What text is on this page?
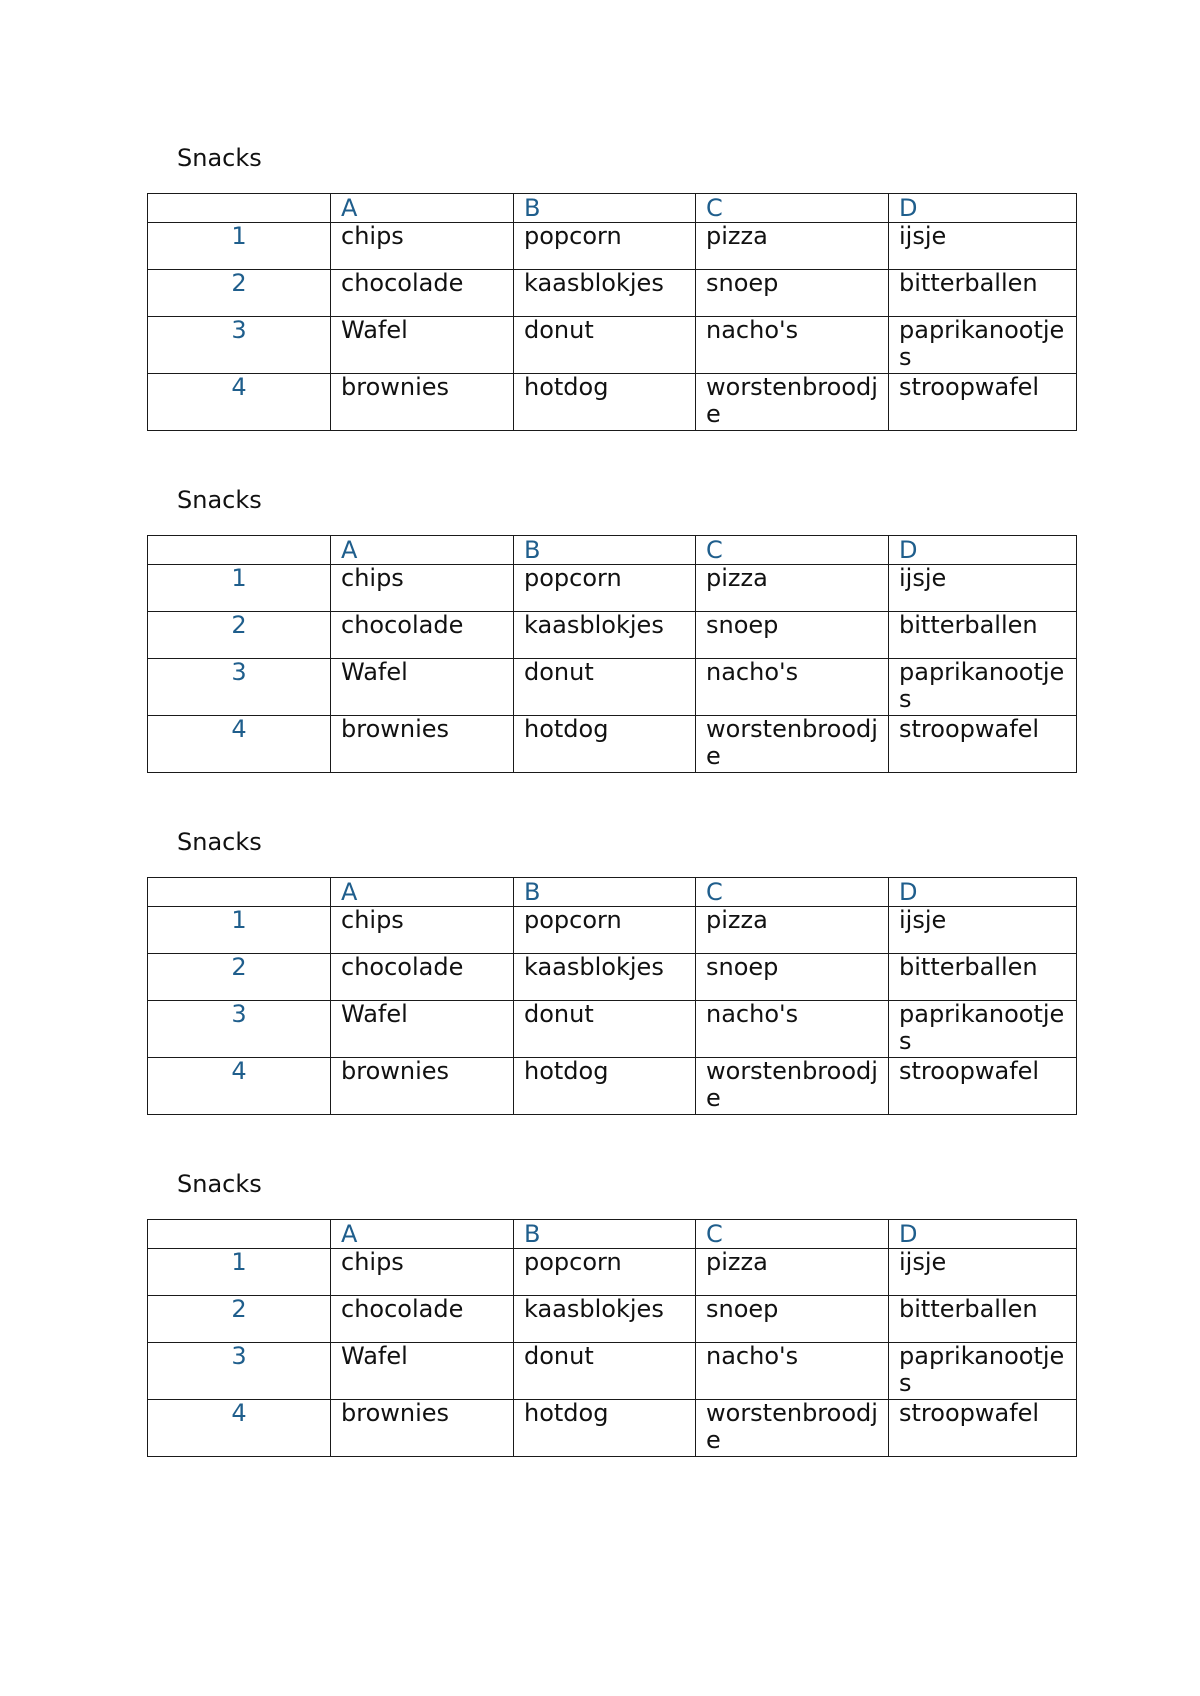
Snacks
	A	B	C	D
1	chips	popcorn	pizza	ijsje
2	chocolade	kaasblokjes	snoep	bitterballen
3	Wafel	donut	nacho's	paprikanootjes
4	brownies	hotdog	worstenbroodje	stroopwafel
Snacks
	A	B	C	D
1	chips	popcorn	pizza	ijsje
2	chocolade	kaasblokjes	snoep	bitterballen
3	Wafel	donut	nacho's	paprikanootjes
4	brownies	hotdog	worstenbroodje	stroopwafel
Snacks
	A	B	C	D
1	chips	popcorn	pizza	ijsje
2	chocolade	kaasblokjes	snoep	bitterballen
3	Wafel	donut	nacho's	paprikanootjes
4	brownies	hotdog	worstenbroodje	stroopwafel
Snacks
	A	B	C	D
1	chips	popcorn	pizza	ijsje
2	chocolade	kaasblokjes	snoep	bitterballen
3	Wafel	donut	nacho's	paprikanootjes
4	brownies	hotdog	worstenbroodje	stroopwafel
